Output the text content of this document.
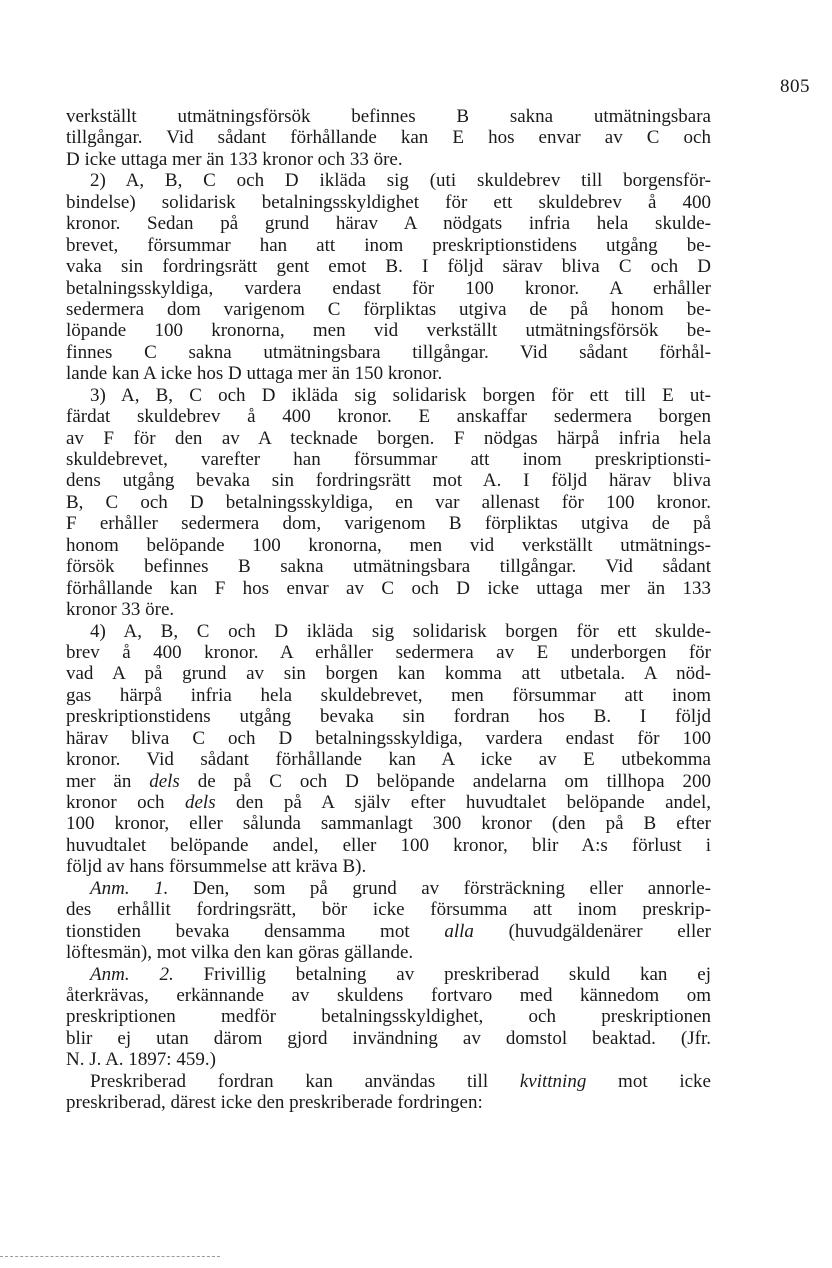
805
verkställt utmätningsförsök befinnes B sakna utmätningsbara
tillgångar. Vid sådant förhållande kan E hos envar av C och
D icke uttaga mer än 133 kronor och 33 öre.
2) A, B, C och D ikläda sig (uti skuldebrev till borgensför-
bindelse) solidarisk betalningsskyldighet för ett skuldebrev å 400
kronor. Sedan på grund härav A nödgats infria hela skulde-
brevet, försummar han att inom preskriptionstidens utgång be-
vaka sin fordringsrätt gent emot B. I följd särav bliva C och D
betalningsskyldiga, vardera endast för 100 kronor. A erhåller
sedermera dom varigenom C förpliktas utgiva de på honom be-
löpande 100 kronorna, men vid verkställt utmätningsförsök be-
finnes C sakna utmätningsbara tillgångar. Vid sådant förhål-
lande kan A icke hos D uttaga mer än 150 kronor.
3) A, B, C och D ikläda sig solidarisk borgen för ett till E ut-
färdat skuldebrev å 400 kronor. E anskaffar sedermera borgen
av F för den av A tecknade borgen. F nödgas härpå infria hela
skuldebrevet, varefter han försummar att inom preskriptionsti-
dens utgång bevaka sin fordringsrätt mot A. I följd härav bliva
B, C och D betalningsskyldiga, en var allenast för 100 kronor.
F erhåller sedermera dom, varigenom B förpliktas utgiva de på
honom belöpande 100 kronorna, men vid verkställt utmätnings-
försök befinnes B sakna utmätningsbara tillgångar. Vid sådant
förhållande kan F hos envar av C och D icke uttaga mer än 133
kronor 33 öre.
4) A, B, C och D ikläda sig solidarisk borgen för ett skulde-
brev å 400 kronor. A erhåller sedermera av E underborgen för
vad A på grund av sin borgen kan komma att utbetala. A nöd-
gas härpå infria hela skuldebrevet, men försummar att inom
preskriptionstidens utgång bevaka sin fordran hos B. I följd
härav bliva C och D betalningsskyldiga, vardera endast för 100
kronor. Vid sådant förhållande kan A icke av E utbekomma
mer än dels de på C och D belöpande andelarna om tillhopa 200
kronor och dels den på A själv efter huvudtalet belöpande andel,
100 kronor, eller sålunda sammanlagt 300 kronor (den på B efter
huvudtalet belöpande andel, eller 100 kronor, blir A:s förlust i
följd av hans försummelse att kräva B).
Anm. 1. Den, som på grund av försträckning eller annorle-
des erhållit fordringsrätt, bör icke försumma att inom preskrip-
tionstiden bevaka densamma mot alla (huvudgäldenärer eller
löftesmän), mot vilka den kan göras gällande.
Anm. 2. Frivillig betalning av preskriberad skuld kan ej
återkrävas, erkännande av skuldens fortvaro med kännedom om
preskriptionen medför betalningsskyldighet, och preskriptionen
blir ej utan därom gjord invändning av domstol beaktad. (Jfr.
N. J. A. 1897: 459.)
Preskriberad fordran kan användas till kvittning mot icke
preskriberad, därest icke den preskriberade fordringen:
